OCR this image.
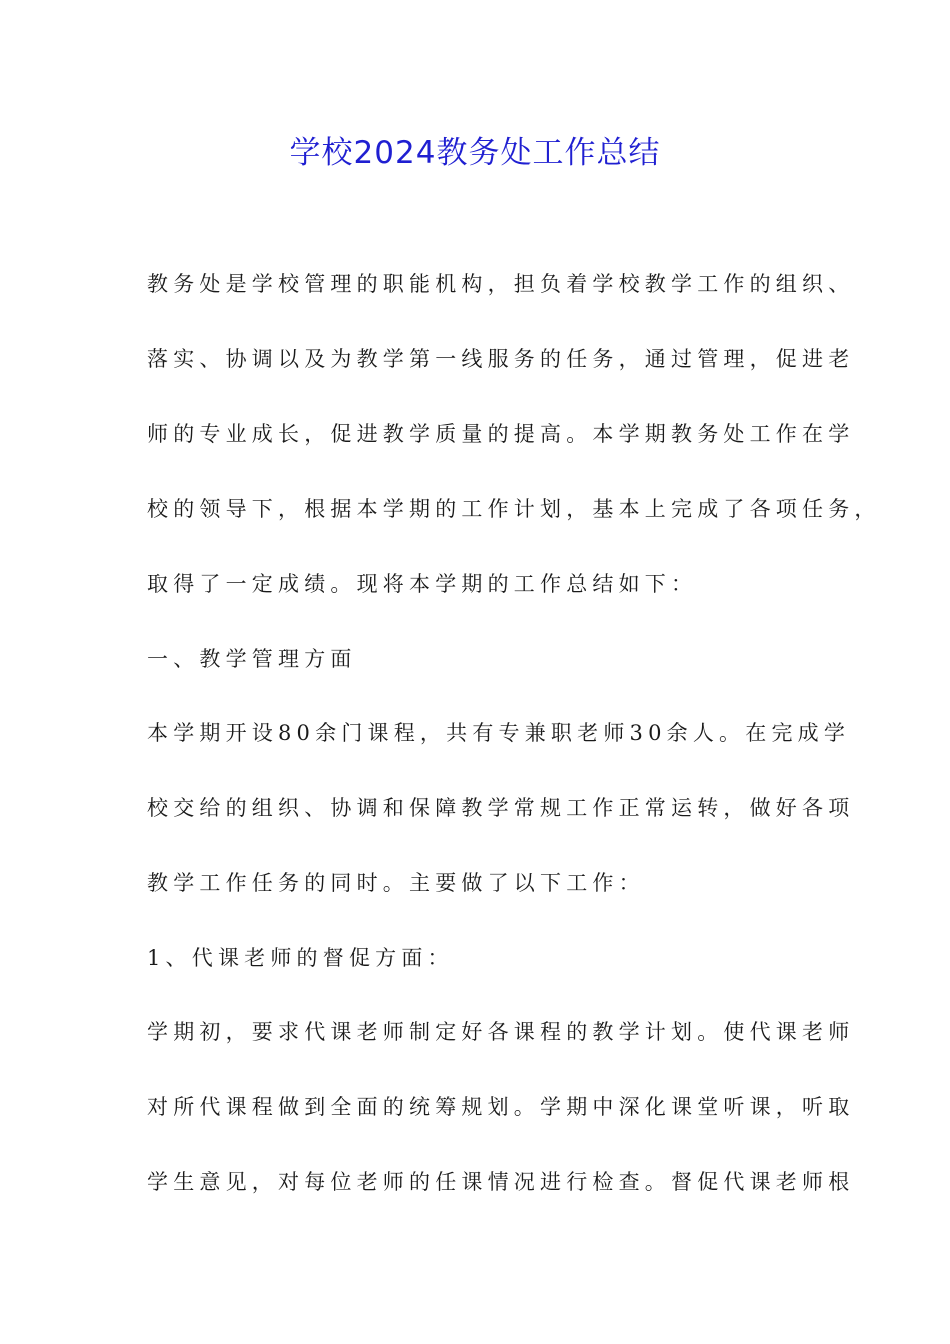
学校2024教务处工作总结
教务处是学校管理的职能机构，担负着学校教学工作的组织、
落实、协调以及为教学第一线服务的任务，通过管理，促进老
师的专业成长，促进教学质量的提高。本学期教务处工作在学
校的领导下，根据本学期的工作计划，基本上完成了各项任务，
取得了一定成绩。现将本学期的工作总结如下：
一、教学管理方面
本学期开设80余门课程，共有专兼职老师30余人。在完成学
校交给的组织、协调和保障教学常规工作正常运转，做好各项
教学工作任务的同时。主要做了以下工作：
1、代课老师的督促方面：
学期初，要求代课老师制定好各课程的教学计划。使代课老师
对所代课程做到全面的统筹规划。学期中深化课堂听课，听取
学生意见，对每位老师的任课情况进行检查。督促代课老师根
